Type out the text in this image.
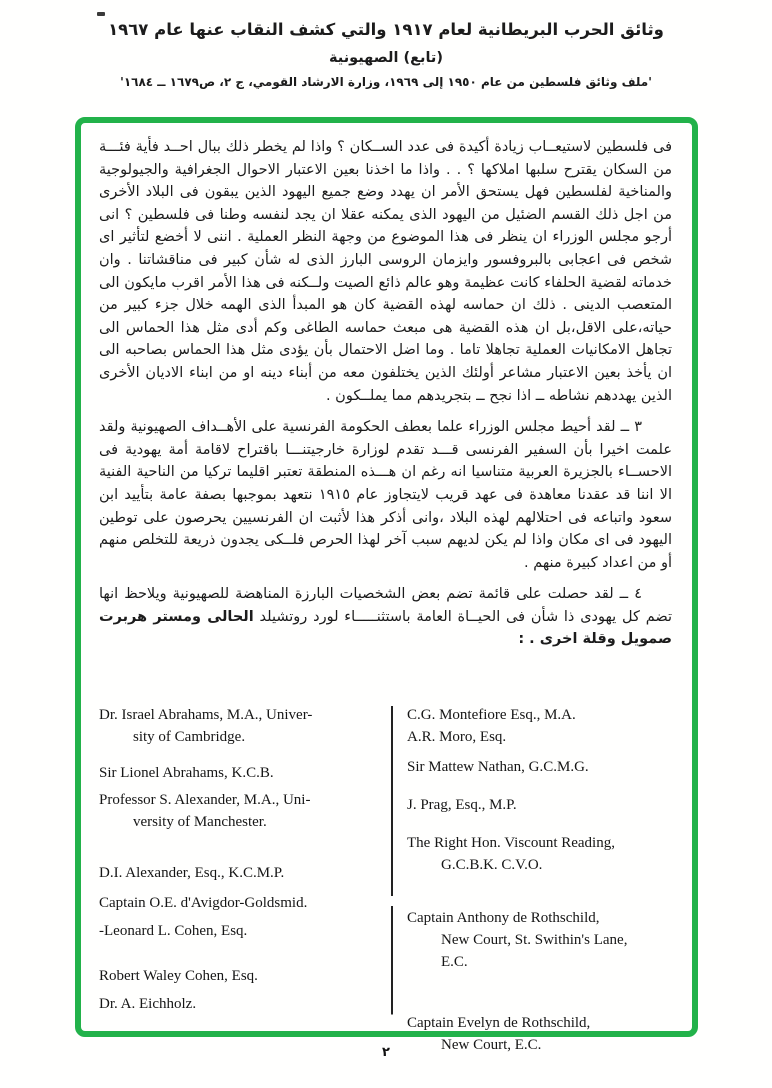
وثائق الحرب البريطانية لعام ١٩١٧ والتي كشف النقاب عنها عام ١٩٦٧
(تابع) الصهيونية
'ملف وثائق فلسطين من عام ١٩٥٠ إلى ١٩٦٩، وزارة الارشاد القومي، ج ٢، ص١٦٧٩ ــ ١٦٨٤'
فى فلسطين لاستيعــاب زيادة أكيدة فى عدد الســكان ؟ واذا لم يخطر ذلك ببال احــد فأية فئـــة من السكان يقترح سلبها املاكها ؟ . . واذا ما اخذنا بعين الاعتبار الاحوال الجغرافية والجيولوجية والمناخية لفلسطين فهل يستحق الأمر ان يهدد وضع جميع اليهود الذين يبقون فى البلاد الأخرى من اجل ذلك القسم الضئيل من اليهود الذى يمكنه عقلا ان يجد لنفسه وطنا فى فلسطين ؟ انى أرجو مجلس الوزراء ان ينظر فى هذا الموضوع من وجهة النظر العملية . اننى لا أخضع لتأثير اى شخص فى اعجابى بالبروفسور وايزمان الروسى البارز الذى له شأن كبير فى مناقشاتنا . وان خدماته لقضية الحلفاء كانت عظيمة وهو عالم ذائع الصيت ولــكنه فى هذا الأمر اقرب مايكون الى المتعصب الدينى . ذلك ان حماسه لهذه القضية كان هو المبدأ الذى الهمه خلال جزء كبير من حياته،على الاقل،بل ان هذه القضية هى مبعث حماسه الطاغى وكم أدى مثل هذا الحماس الى تجاهل الامكانيات العملية تجاهلا تاما . وما اضل الاحتمال بأن يؤدى مثل هذا الحماس بصاحبه الى ان يأخذ بعين الاعتبار مشاعر أولئك الذين يختلفون معه من أبناء دينه او من ابناء الاديان الأخرى الذين يهددهم نشاطه ــ اذا نجح ــ بتجريدهم مما يملــكون .
٣ ــ لقد أحيط مجلس الوزراء علما بعطف الحكومة الفرنسية على الأهــداف الصهيونية ولقد علمت اخيرا بأن السفير الفرنسى قـــد تقدم لوزارة خارجيتنـــا باقتراح لاقامة أمة يهودية فى الاحســاء بالجزيرة العربية متناسيا انه رغم ان هـــذه المنطقة تعتبر اقليما تركيا من الناحية الفنية الا اننا قد عقدنا معاهدة فى عهد قريب لايتجاوز عام ١٩١٥ نتعهد بموجبها بصفة عامة بتأييد ابن سعود واتباعه فى احتلالهم لهذه البلاد ،وانى أذكر هذا لأثبت ان الفرنسيين يحرصون على توطين اليهود فى اى مكان واذا لم يكن لديهم سبب آخر لهذا الحرص فلــكى يجدون ذريعة للتخلص منهم أو من اعداد كبيرة منهم .
٤ ــ لقد حصلت على قائمة تضم بعض الشخصيات البارزة المناهضة للصهيونية ويلاحظ انها تضم كل يهودى ذا شأن فى الحيــاة العامة باستثنـــــاء لورد روتشيلد الحالى ومستر هربرت صمويل وقلة اخرى . :
Dr. Israel Abrahams, M.A., Univer-
sity of Cambridge.
Sir Lionel Abrahams, K.C.B.
Professor S. Alexander, M.A., Uni-
versity of Manchester.
D.I. Alexander, Esq., K.C.M.P.
Captain O.E. d'Avigdor-Goldsmid.
-Leonard L. Cohen, Esq.
Robert Waley Cohen, Esq.
Dr. A. Eichholz.
C.G. Montefiore Esq., M.A.
A.R. Moro, Esq.
Sir Mattew Nathan, G.C.M.G.
J. Prag, Esq., M.P.
The Right Hon. Viscount Reading,
G.C.B.K. C.V.O.
Captain Anthony de Rothschild,
New Court, St. Swithin's Lane,
E.C.
Captain Evelyn de Rothschild,
New Court, E.C.
٢
